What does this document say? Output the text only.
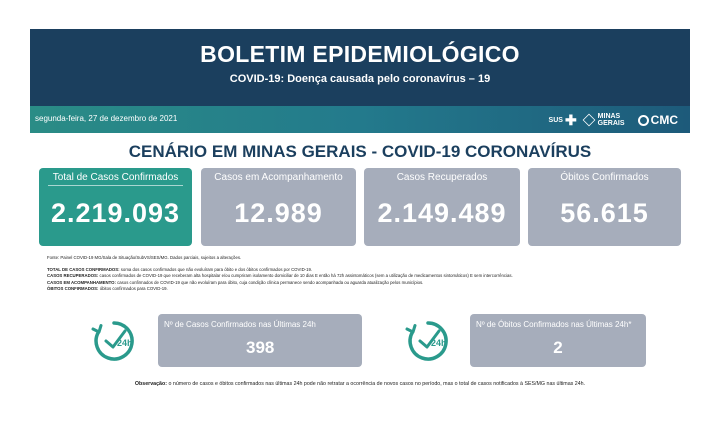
BOLETIM EPIDEMIOLÓGICO
COVID-19: Doença causada pelo coronavírus – 19
segunda-feira, 27 de dezembro de 2021	SUS ✚	MINAS GERAIS	CMC
CENÁRIO EM MINAS GERAIS - COVID-19 CORONAVÍRUS
Total de Casos Confirmados
2.219.093
Casos em Acompanhamento
12.989
Casos Recuperados
2.149.489
Óbitos Confirmados
56.615

Fonte: Painel COVID-19 MG/Sala de Situação/SubVS/SES/MG. Dados parciais, sujeitos a alterações.

TOTAL DE CASOS CONFIRMADOS: soma dos casos confirmados que não evoluíram para óbito e dos óbitos confirmados por COVID-19.

CASOS RECUPERADOS: casos confirmados de COVID-19 que receberam alta hospitalar e/ou cumpriram isolamento domiciliar de 10 dias E então há 72h assintomáticos (sem a utilização de medicamentos sintomáticos) E sem intercorrências.

CASOS EM ACOMPANHAMENTO: casos confirmados de COVID-19 que não evoluíram para óbito, cuja condição clínica permanece sendo acompanhada ou aguarda atualização pelos municípios.

ÓBITOS CONFIRMADOS: óbitos confirmados para COVID-19.

24h
Nº de Casos Confirmados nas Últimas 24h
398	24h
Nº de Óbitos Confirmados nas Últimas 24h*
2
Observação: o número de casos e óbitos confirmados nas últimas 24h pode não retratar a ocorrência de novos casos no período, mas o total de casos notificados à SES/MG nas últimas 24h.
